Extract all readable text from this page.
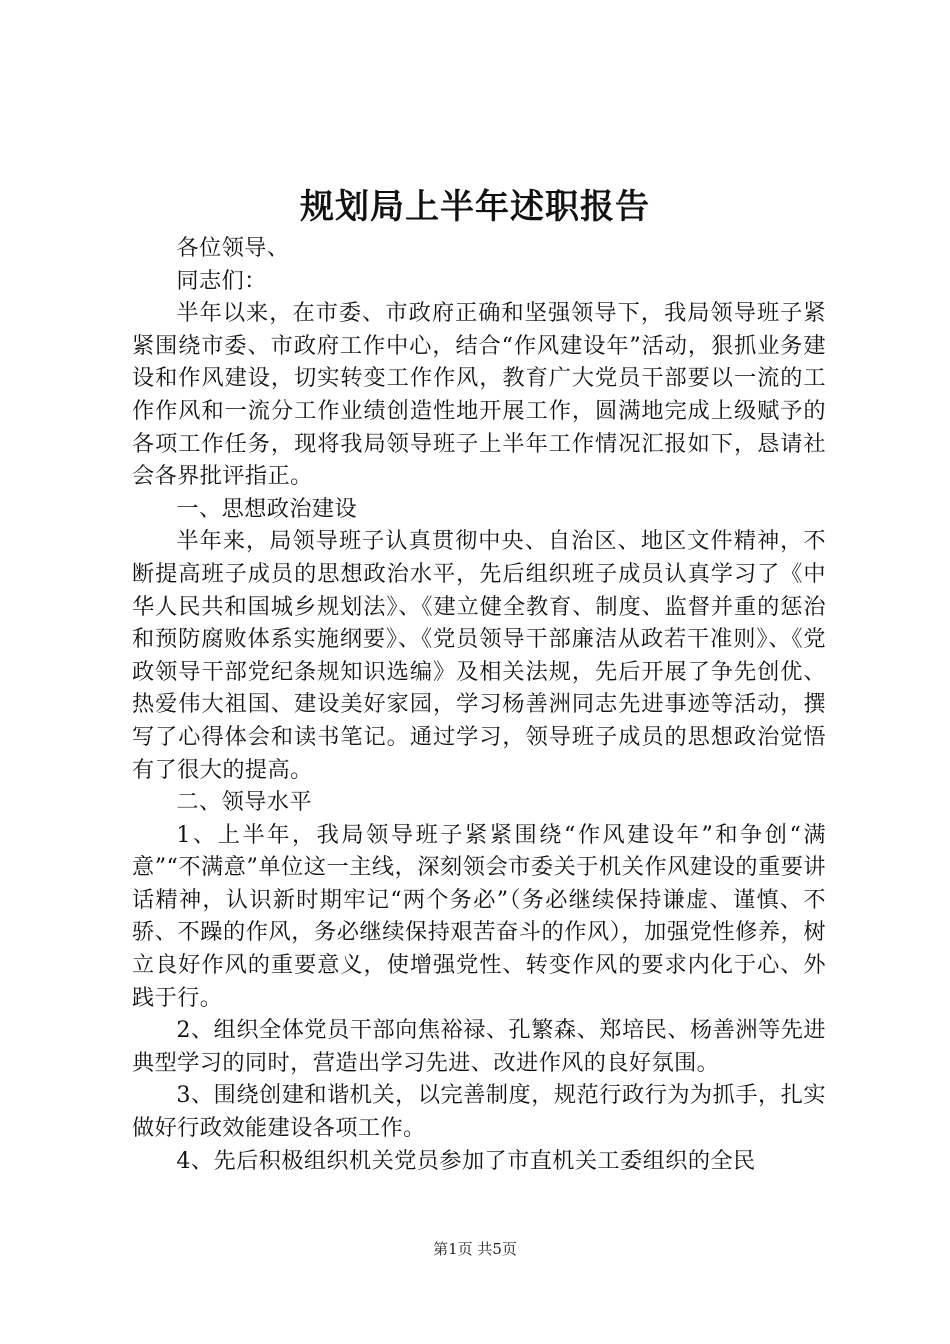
规划局上半年述职报告

各位领导、

同志们：

半年以来，在市委、市政府正确和坚强领导下，我局领导班子紧紧围绕市委、市政府工作中心，结合“作风建设年”活动，狠抓业务建设和作风建设，切实转变工作作风，教育广大党员干部要以一流的工作作风和一流分工作业绩创造性地开展工作，圆满地完成上级赋予的各项工作任务，现将我局领导班子上半年工作情况汇报如下，恳请社会各界批评指正。

一、思想政治建设

半年来，局领导班子认真贯彻中央、自治区、地区文件精神，不断提高班子成员的思想政治水平，先后组织班子成员认真学习了《中华人民共和国城乡规划法》、《建立健全教育、制度、监督并重的惩治和预防腐败体系实施纲要》、《党员领导干部廉洁从政若干准则》、《党政领导干部党纪条规知识选编》及相关法规，先后开展了争先创优、热爱伟大祖国、建设美好家园，学习杨善洲同志先进事迹等活动，撰写了心得体会和读书笔记。通过学习，领导班子成员的思想政治觉悟有了很大的提高。

二、领导水平

1、上半年，我局领导班子紧紧围绕“作风建设年”和争创“满意”“不满意”单位这一主线，深刻领会市委关于机关作风建设的重要讲话精神，认识新时期牢记“两个务必”（务必继续保持谦虚、谨慎、不骄、不躁的作风，务必继续保持艰苦奋斗的作风），加强党性修养，树立良好作风的重要意义，使增强党性、转变作风的要求内化于心、外践于行。

2、组织全体党员干部向焦裕禄、孔繁森、郑培民、杨善洲等先进典型学习的同时，营造出学习先进、改进作风的良好氛围。

3、围绕创建和谐机关，以完善制度，规范行政行为为抓手，扎实做好行政效能建设各项工作。

4、先后积极组织机关党员参加了市直机关工委组织的全民

第1页 共5页
